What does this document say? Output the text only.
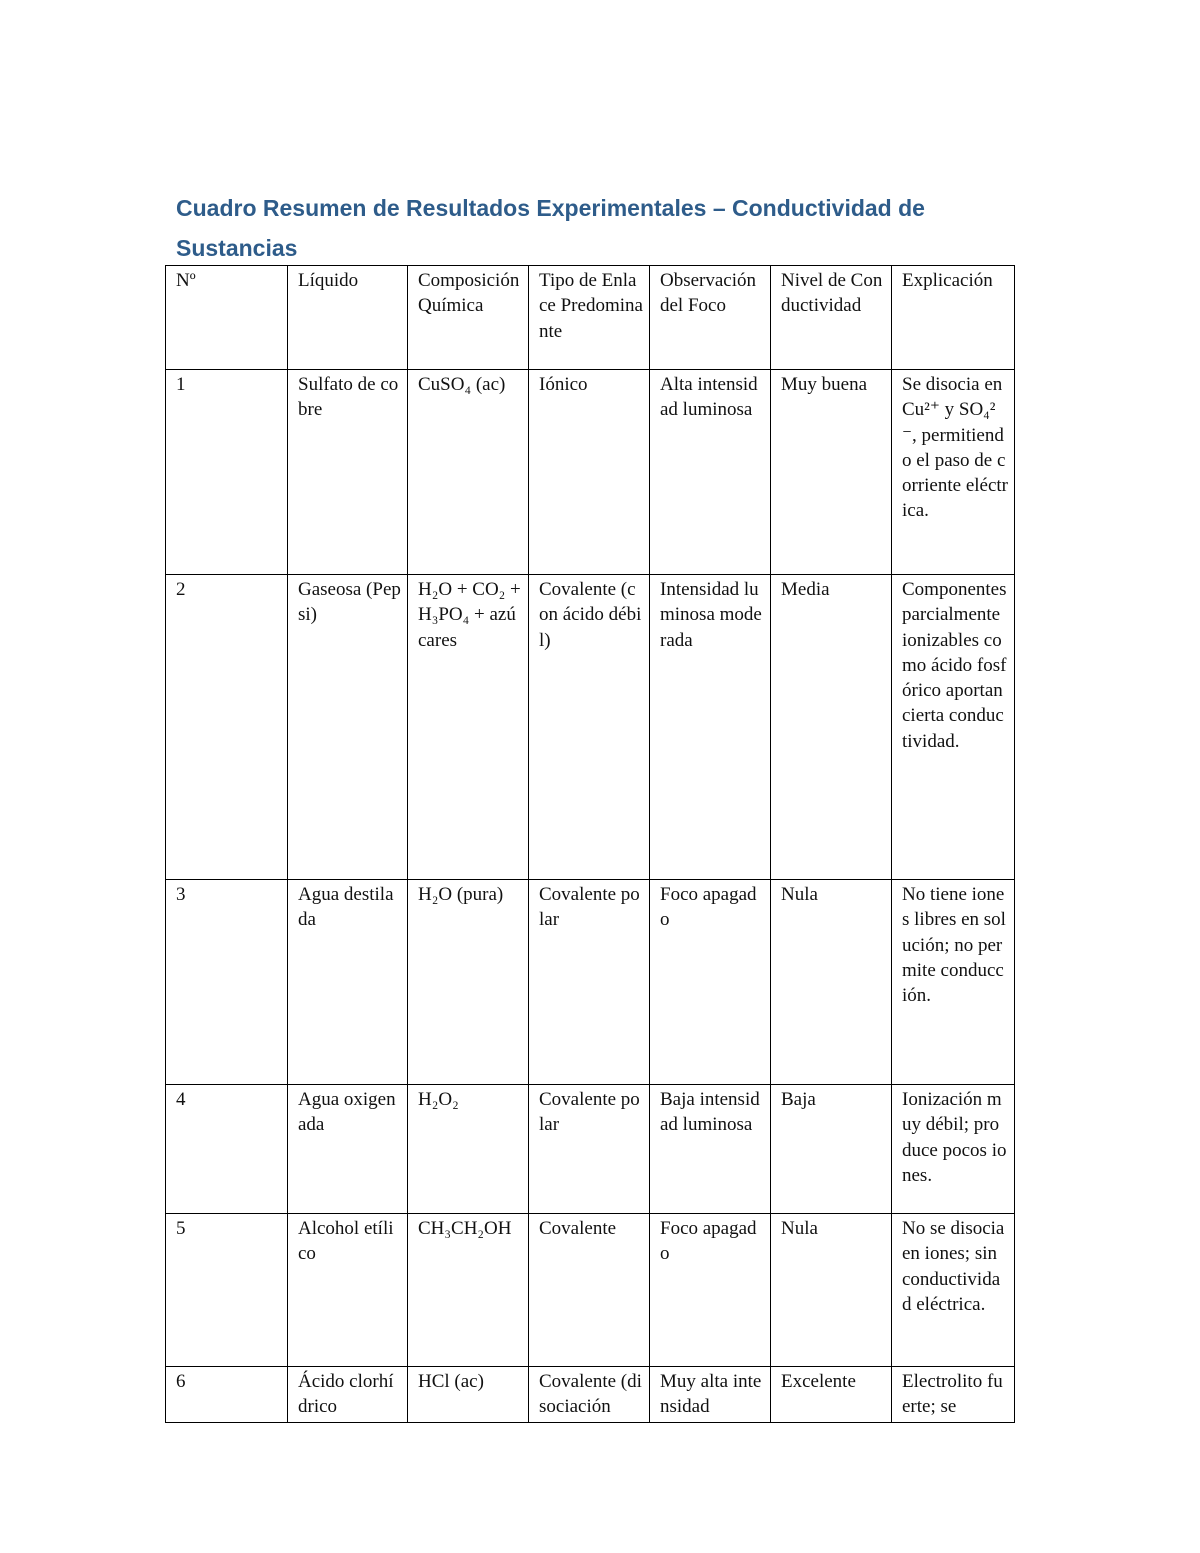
Cuadro Resumen de Resultados Experimentales – Conductividad de Sustancias
Nº	Líquido	Composición Química	Tipo de Enlace Predominante	Observación del Foco	Nivel de Conductividad	Explicación
1	Sulfato de cobre	CuSO₄ (ac)	Iónico	Alta intensidad luminosa	Muy buena	Se disocia en Cu²⁺ y SO₄²⁻, permitiendo el paso de corriente eléctrica.
2	Gaseosa (Pepsi)	H₂O + CO₂ + H₃PO₄ + azúcares	Covalente (con ácido débil)	Intensidad luminosa moderada	Media	Componentes parcialmente ionizables como ácido fosfórico aportan cierta conductividad.
3	Agua destilada	H₂O (pura)	Covalente polar	Foco apagado	Nula	No tiene iones libres en solución; no permite conducción.
4	Agua oxigenada	H₂O₂	Covalente polar	Baja intensidad luminosa	Baja	Ionización muy débil; produce pocos iones.
5	Alcohol etílico	CH₃CH₂OH	Covalente	Foco apagado	Nula	No se disocia en iones; sin conductividad eléctrica.
6	Ácido clorhídrico	HCl (ac)	Covalente (disociación	Muy alta intensidad	Excelente	Electrolito fuerte; se
